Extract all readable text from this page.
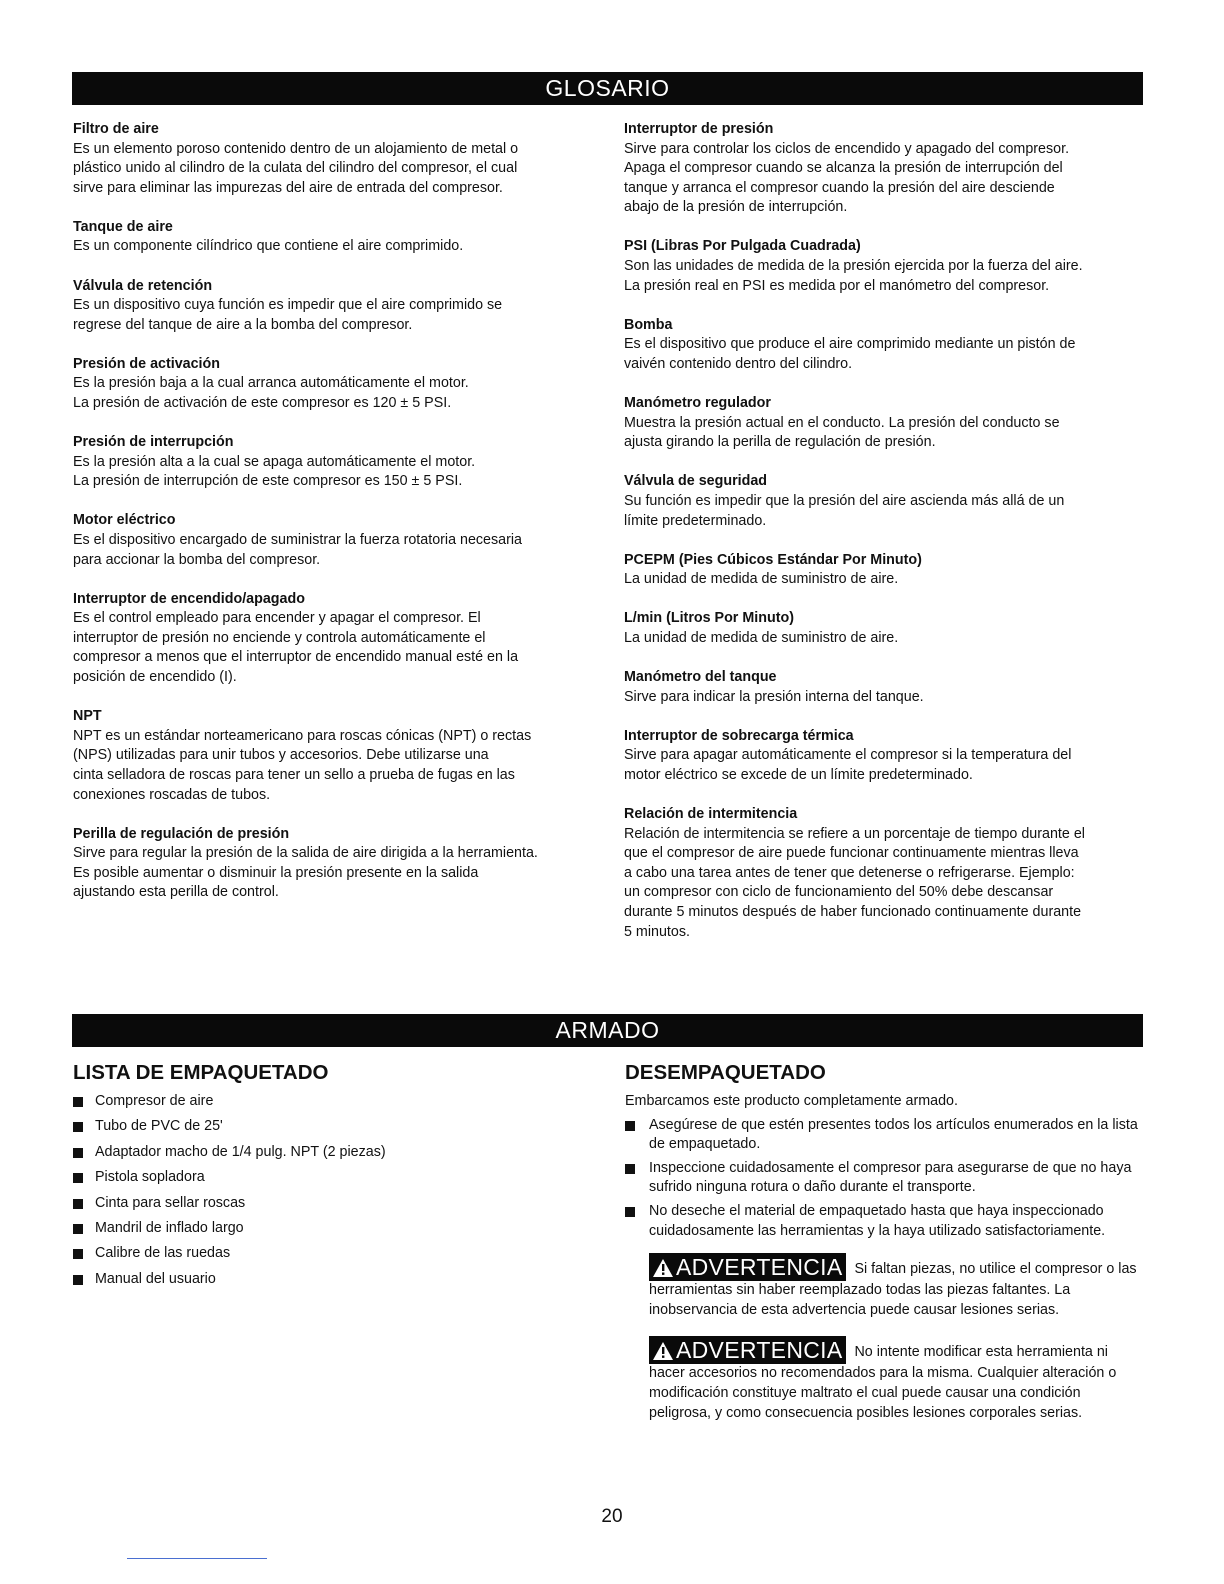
GLOSARIO
Filtro de aire
Es un elemento poroso contenido dentro de un alojamiento de metal o
plástico unido al cilindro de la culata del cilindro del compresor, el cual
sirve para eliminar las impurezas del aire de entrada del compresor.
Tanque de aire
Es un componente cilíndrico que contiene el aire comprimido.
Válvula de retención
Es un dispositivo cuya función es impedir que el aire comprimido se
regrese del tanque de aire a la bomba del compresor.
Presión de activación
Es la presión baja a la cual arranca automáticamente el motor.
La presión de activación de este compresor es 120 ± 5 PSI.
Presión de interrupción
Es la presión alta a la cual se apaga automáticamente el motor.
La presión de interrupción de este compresor es 150 ± 5 PSI.
Motor eléctrico
Es el dispositivo encargado de suministrar la fuerza rotatoria necesaria
para accionar la bomba del compresor.
Interruptor de encendido/apagado
Es el control empleado para encender y apagar el compresor. El
interruptor de presión no enciende y controla automáticamente el
compresor a menos que el interruptor de encendido manual esté en la
posición de encendido (I).
NPT
NPT es un estándar norteamericano para roscas cónicas (NPT) o rectas
(NPS) utilizadas para unir tubos y accesorios. Debe utilizarse una
cinta selladora de roscas para tener un sello a prueba de fugas en las
conexiones roscadas de tubos.
Perilla de regulación de presión
Sirve para regular la presión de la salida de aire dirigida a la herramienta.
Es posible aumentar o disminuir la presión presente en la salida
ajustando esta perilla de control.
Interruptor de presión
Sirve para controlar los ciclos de encendido y apagado del compresor.
Apaga el compresor cuando se alcanza la presión de interrupción del
tanque y arranca el compresor cuando la presión del aire desciende
abajo de la presión de interrupción.
PSI (Libras Por Pulgada Cuadrada)
Son las unidades de medida de la presión ejercida por la fuerza del aire.
La presión real en PSI es medida por el manómetro del compresor.
Bomba
Es el dispositivo que produce el aire comprimido mediante un pistón de
vaivén contenido dentro del cilindro.
Manómetro regulador
Muestra la presión actual en el conducto. La presión del conducto se
ajusta girando la perilla de regulación de presión.
Válvula de seguridad
Su función es impedir que la presión del aire ascienda más allá de un
límite predeterminado.
PCEPM (Pies Cúbicos Estándar Por Minuto)
La unidad de medida de suministro de aire.
L/min (Litros Por Minuto)
La unidad de medida de suministro de aire.
Manómetro del tanque
Sirve para indicar la presión interna del tanque.
Interruptor de sobrecarga térmica
Sirve para apagar automáticamente el compresor si la temperatura del
motor eléctrico se excede de un límite predeterminado.
Relación de intermitencia
Relación de intermitencia se refiere a un porcentaje de tiempo durante el
que el compresor de aire puede funcionar continuamente mientras lleva
a cabo una tarea antes de tener que detenerse o refrigerarse. Ejemplo:
un compresor con ciclo de funcionamiento del 50% debe descansar
durante 5 minutos después de haber funcionado continuamente durante
5 minutos.
ARMADO
LISTA DE EMPAQUETADO
Compresor de aire
Tubo de PVC de 25'
Adaptador macho de 1/4 pulg. NPT (2 piezas)
Pistola sopladora
Cinta para sellar roscas
Mandril de inflado largo
Calibre de las ruedas
Manual del usuario
DESEMPAQUETADO
Embarcamos este producto completamente armado.
Asegúrese de que estén presentes todos los artículos enumerados en la lista de empaquetado.
Inspeccione cuidadosamente el compresor para asegurarse de que no haya sufrido ninguna rotura o daño durante el transporte.
No deseche el material de empaquetado hasta que haya inspeccionado cuidadosamente las herramientas y la haya utilizado satisfactoriamente.
ADVERTENCIA Si faltan piezas, no utilice el compresor o las herramientas sin haber reemplazado todas las piezas faltantes. La inobservancia de esta advertencia puede causar lesiones serias.
ADVERTENCIA No intente modificar esta herramienta ni hacer accesorios no recomendados para la misma. Cualquier alteración o modificación constituye maltrato el cual puede causar una condición peligrosa, y como consecuencia posibles lesiones corporales serias.
20
